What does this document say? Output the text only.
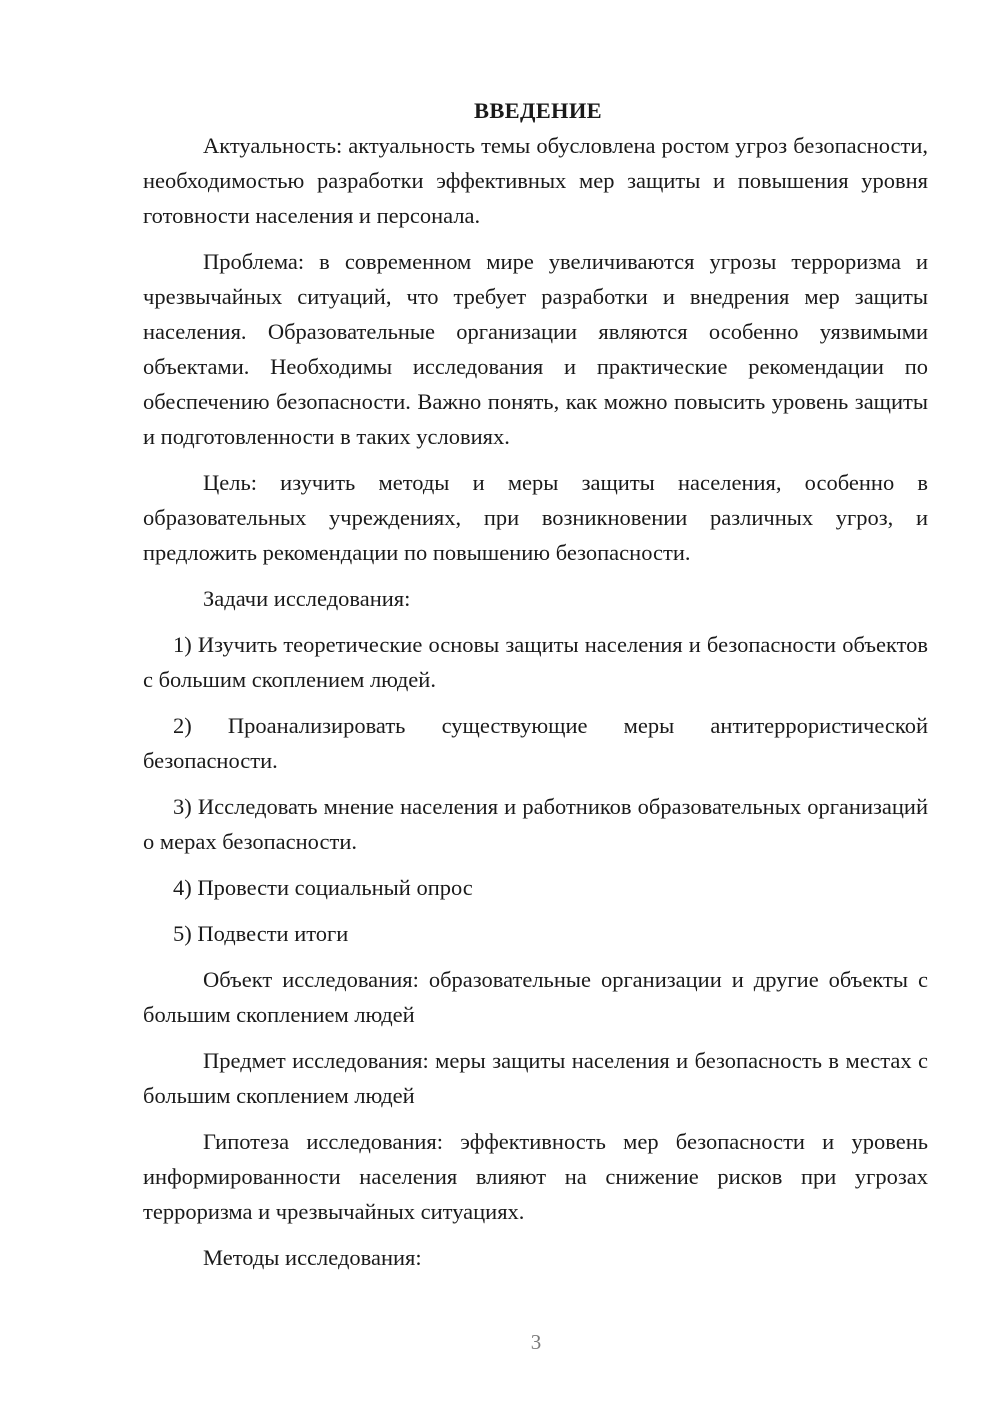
ВВЕДЕНИЕ

Актуальность: актуальность темы обусловлена ростом угроз безопасности, необходимостью разработки эффективных мер защиты и повышения уровня готовности населения и персонала.

Проблема: в современном мире увеличиваются угрозы терроризма и чрезвычайных ситуаций, что требует разработки и внедрения мер защиты населения. Образовательные организации являются особенно уязвимыми объектами. Необходимы исследования и практические рекомендации по обеспечению безопасности. Важно понять, как можно повысить уровень защиты и подготовленности в таких условиях.

Цель: изучить методы и меры защиты населения, особенно в образовательных учреждениях, при возникновении различных угроз, и предложить рекомендации по повышению безопасности.

Задачи исследования:

1) Изучить теоретические основы защиты населения и безопасности объектов с большим скоплением людей.

2) Проанализировать существующие меры антитеррористической безопасности.

3) Исследовать мнение населения и работников образовательных организаций о мерах безопасности.

4) Провести социальный опрос

5) Подвести итоги

Объект исследования: образовательные организации и другие объекты с большим скоплением людей

Предмет исследования: меры защиты населения и безопасность в местах с большим скоплением людей

Гипотеза исследования: эффективность мер безопасности и уровень информированности населения влияют на снижение рисков при угрозах терроризма и чрезвычайных ситуациях.

Методы исследования:

3
